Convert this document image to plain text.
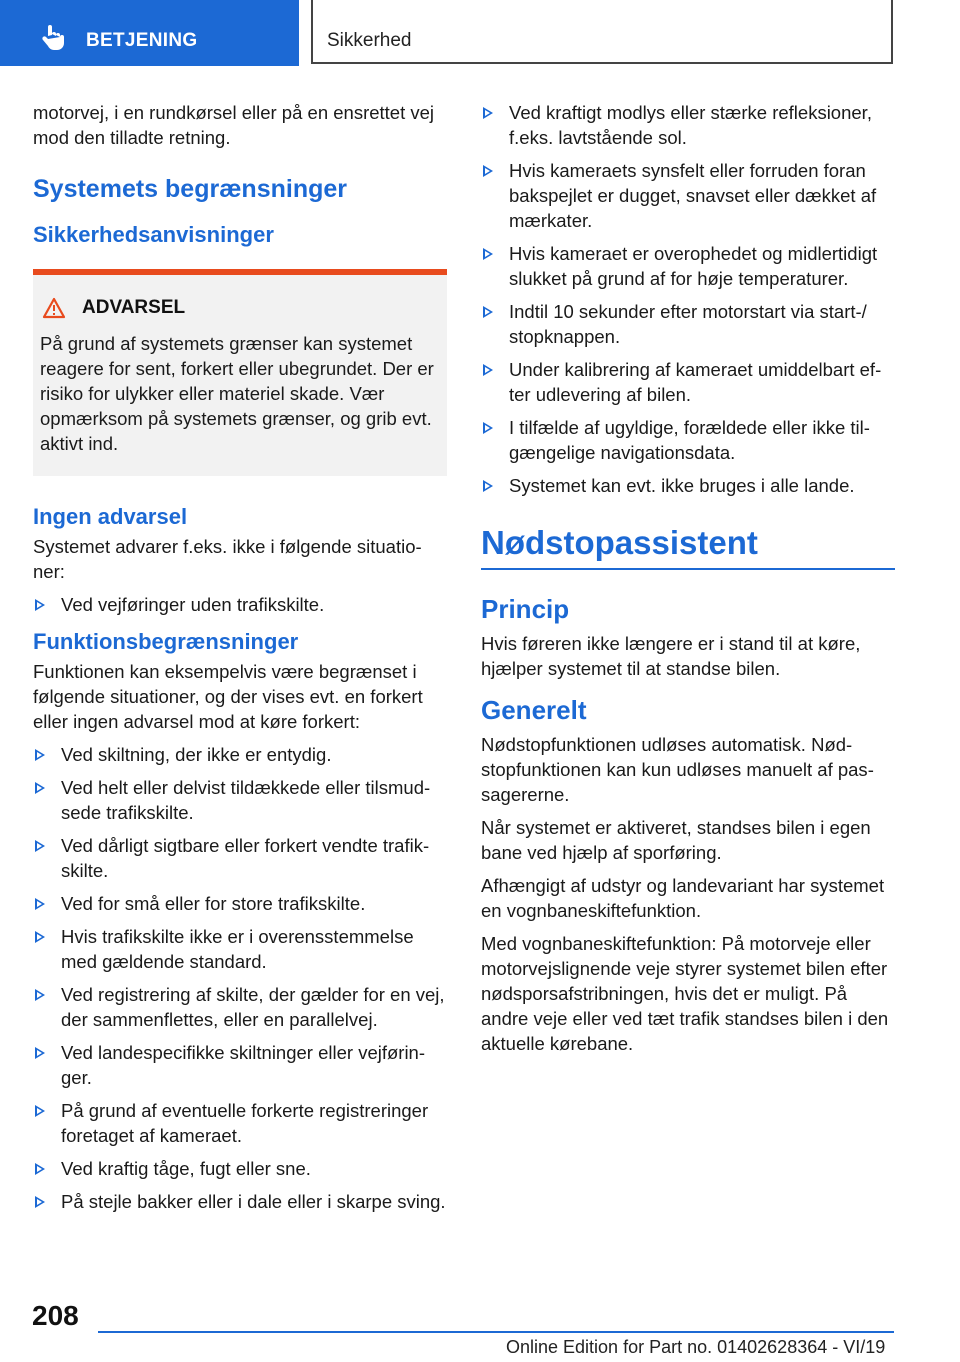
BETJENING	Sikkerhed

motorvej, i en rundkørsel eller på en ensrettet vej mod den tilladte retning.

Systemets begrænsninger
Sikkerhedsanvisninger
ADVARSEL

På grund af systemets grænser kan systemet reagere for sent, forkert eller ubegrundet. Der er risiko for ulykker eller materiel skade. Vær opmærksom på systemets grænser, og grib evt. aktivt ind.

Ingen advarsel

Systemet advarer f.eks. ikke i følgende situationer:

Ved vejføringer uden trafikskilte.
Funktionsbegrænsninger

Funktionen kan eksempelvis være begrænset i følgende situationer, og der vises evt. en forkert eller ingen advarsel mod at køre forkert:

Ved skiltning, der ikke er entydig.
Ved helt eller delvist tildækkede eller tilsmudsede trafikskilte.
Ved dårligt sigtbare eller forkert vendte trafikskilte.
Ved for små eller for store trafikskilte.
Hvis trafikskilte ikke er i overensstemmelse med gældende standard.
Ved registrering af skilte, der gælder for en vej, der sammenflettes, eller en parallelvej.
Ved landespecifikke skiltninger eller vejføringer.
På grund af eventuelle forkerte registreringer foretaget af kameraet.
Ved kraftig tåge, fugt eller sne.
På stejle bakker eller i dale eller i skarpe sving.
Ved kraftigt modlys eller stærke refleksioner, f.eks. lavtstående sol.
Hvis kameraets synsfelt eller forruden foran bakspejlet er dugget, snavset eller dækket af mærkater.
Hvis kameraet er overophedet og midlertidigt slukket på grund af for høje temperaturer.
Indtil 10 sekunder efter motorstart via start-/ stopknappen.
Under kalibrering af kameraet umiddelbart efter udlevering af bilen.
I tilfælde af ugyldige, forældede eller ikke tilgængelige navigationsdata.
Systemet kan evt. ikke bruges i alle lande.
Nødstopassistent
Princip

Hvis føreren ikke længere er i stand til at køre, hjælper systemet til at standse bilen.

Generelt

Nødstopfunktionen udløses automatisk. Nødstopfunktionen kan kun udløses manuelt af passagererne.

Når systemet er aktiveret, standses bilen i egen bane ved hjælp af sporføring.

Afhængigt af udstyr og landevariant har systemet en vognbaneskiftefunktion.

Med vognbaneskiftefunktion: På motorveje eller motorvejslignende veje styrer systemet bilen efter nødsporsafstribningen, hvis det er muligt. På andre veje eller ved tæt trafik standses bilen i den aktuelle kørebane.

208
Online Edition for Part no. 01402628364 - VI/19
